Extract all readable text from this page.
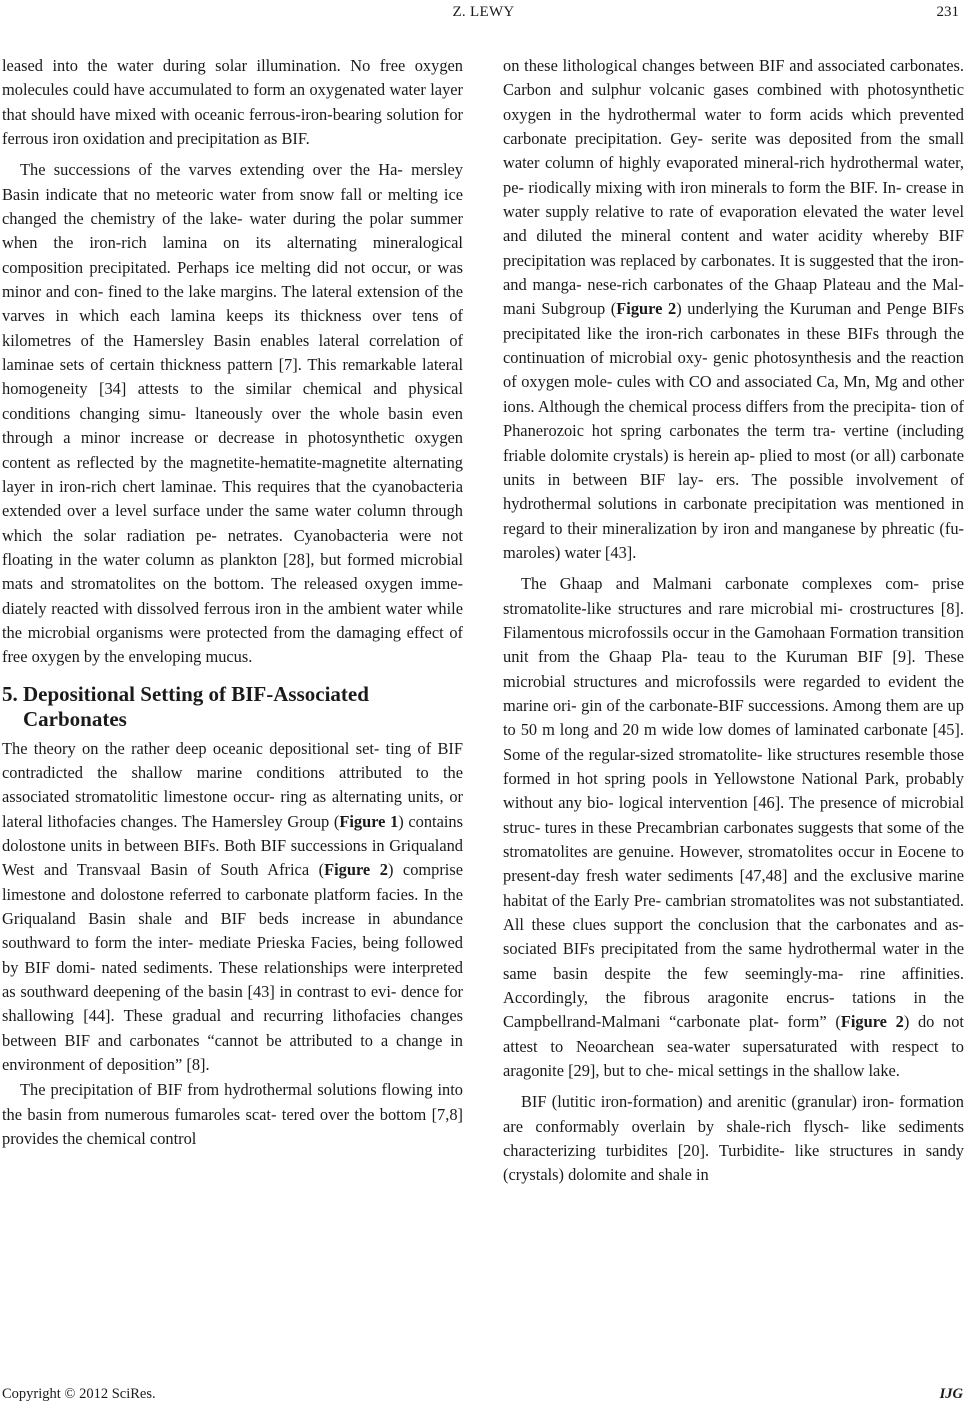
Z. LEWY	231

leased into the water during solar illumination. No free oxygen molecules could have accumulated to form an oxygenated water layer that should have mixed with oceanic ferrous-iron-bearing solution for ferrous iron oxidation and precipitation as BIF.

The successions of the varves extending over the Ha- mersley Basin indicate that no meteoric water from snow fall or melting ice changed the chemistry of the lake- water during the polar summer when the iron-rich lamina on its alternating mineralogical composition precipitated. Perhaps ice melting did not occur, or was minor and con- fined to the lake margins. The lateral extension of the varves in which each lamina keeps its thickness over tens of kilometres of the Hamersley Basin enables lateral correlation of laminae sets of certain thickness pattern [7]. This remarkable lateral homogeneity [34] attests to the similar chemical and physical conditions changing simu- ltaneously over the whole basin even through a minor increase or decrease in photosynthetic oxygen content as reflected by the magnetite-hematite-magnetite alternating layer in iron-rich chert laminae. This requires that the cyanobacteria extended over a level surface under the same water column through which the solar radiation pe- netrates. Cyanobacteria were not floating in the water column as plankton [28], but formed microbial mats and stromatolites on the bottom. The released oxygen imme- diately reacted with dissolved ferrous iron in the ambient water while the microbial organisms were protected from the damaging effect of free oxygen by the enveloping mucus.

5. Depositional Setting of BIF-Associated Carbonates

The theory on the rather deep oceanic depositional set- ting of BIF contradicted the shallow marine conditions attributed to the associated stromatolitic limestone occur- ring as alternating units, or lateral lithofacies changes. The Hamersley Group (Figure 1) contains dolostone units in between BIFs. Both BIF successions in Griqualand West and Transvaal Basin of South Africa (Figure 2) comprise limestone and dolostone referred to carbonate platform facies. In the Griqualand Basin shale and BIF beds increase in abundance southward to form the inter- mediate Prieska Facies, being followed by BIF domi- nated sediments. These relationships were interpreted as southward deepening of the basin [43] in contrast to evi- dence for shallowing [44]. These gradual and recurring lithofacies changes between BIF and carbonates “cannot be attributed to a change in environment of deposition” [8].

The precipitation of BIF from hydrothermal solutions flowing into the basin from numerous fumaroles scat- tered over the bottom [7,8] provides the chemical control

on these lithological changes between BIF and associated carbonates. Carbon and sulphur volcanic gases combined with photosynthetic oxygen in the hydrothermal water to form acids which prevented carbonate precipitation. Gey- serite was deposited from the small water column of highly evaporated mineral-rich hydrothermal water, pe- riodically mixing with iron minerals to form the BIF. In- crease in water supply relative to rate of evaporation elevated the water level and diluted the mineral content and water acidity whereby BIF precipitation was replaced by carbonates. It is suggested that the iron- and manga- nese-rich carbonates of the Ghaap Plateau and the Mal- mani Subgroup (Figure 2) underlying the Kuruman and Penge BIFs precipitated like the iron-rich carbonates in these BIFs through the continuation of microbial oxy- genic photosynthesis and the reaction of oxygen mole- cules with CO and associated Ca, Mn, Mg and other ions. Although the chemical process differs from the precipita- tion of Phanerozoic hot spring carbonates the term tra- vertine (including friable dolomite crystals) is herein ap- plied to most (or all) carbonate units in between BIF lay- ers. The possible involvement of hydrothermal solutions in carbonate precipitation was mentioned in regard to their mineralization by iron and manganese by phreatic (fu- maroles) water [43].

The Ghaap and Malmani carbonate complexes com- prise stromatolite-like structures and rare microbial mi- crostructures [8]. Filamentous microfossils occur in the Gamohaan Formation transition unit from the Ghaap Pla- teau to the Kuruman BIF [9]. These microbial structures and microfossils were regarded to evident the marine ori- gin of the carbonate-BIF successions. Among them are up to 50 m long and 20 m wide low domes of laminated carbonate [45]. Some of the regular-sized stromatolite- like structures resemble those formed in hot spring pools in Yellowstone National Park, probably without any bio- logical intervention [46]. The presence of microbial struc- tures in these Precambrian carbonates suggests that some of the stromatolites are genuine. However, stromatolites occur in Eocene to present-day fresh water sediments [47,48] and the exclusive marine habitat of the Early Pre- cambrian stromatolites was not substantiated. All these clues support the conclusion that the carbonates and as- sociated BIFs precipitated from the same hydrothermal water in the same basin despite the few seemingly-ma- rine affinities. Accordingly, the fibrous aragonite encrus- tations in the Campbellrand-Malmani “carbonate plat- form” (Figure 2) do not attest to Neoarchean sea-water supersaturated with respect to aragonite [29], but to che- mical settings in the shallow lake.

BIF (lutitic iron-formation) and arenitic (granular) iron- formation are conformably overlain by shale-rich flysch- like sediments characterizing turbidites [20]. Turbidite- like structures in sandy (crystals) dolomite and shale in

Copyright © 2012 SciRes.	IJG
